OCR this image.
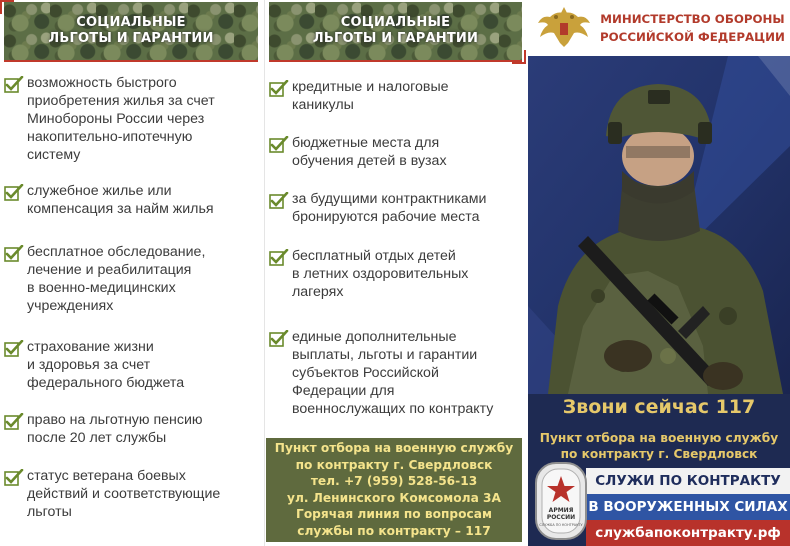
СОЦИАЛЬНЫЕ
ЛЬГОТЫ И ГАРАНТИИ
возможность быстрого
приобретения жилья за счет
Минобороны России через
накопительно-ипотечную
систему
служебное жилье или
компенсация за найм жилья
бесплатное обследование,
лечение и реабилитация
в военно-медицинских
учреждениях
страхование жизни
и здоровья за счет
федерального бюджета
право на льготную пенсию
после 20 лет службы
статус ветерана боевых
действий и соответствующие
льготы
СОЦИАЛЬНЫЕ
ЛЬГОТЫ И ГАРАНТИИ
кредитные и налоговые
каникулы
бюджетные места для
обучения детей в вузах
за будущими контрактниками
бронируются рабочие места
бесплатный отдых детей
в летних оздоровительных
лагерях
единые дополнительные
выплаты, льготы и гарантии
субъектов Российской
Федерации для
военнослужащих по контракту

Пункт отбора на военную службу

по контракту г. Свердловск

тел. +7 (959) 528-56-13

ул. Ленинского Комсомола 3А

Горячая линия по вопросам

службы по контракту – 117

МИНИСТЕРСТВО ОБОРОНЫ
РОССИЙСКОЙ ФЕДЕРАЦИИ
Звони сейчас 117
Пункт отбора на военную службу
по контракту г. Свердловск
СЛУЖИ ПО КОНТРАКТУ
В ВООРУЖЕННЫХ СИЛАХ
службапоконтракту.рф
АРМИЯ
РОССИИ
СЛУЖБА ПО КОНТРАКТУ
